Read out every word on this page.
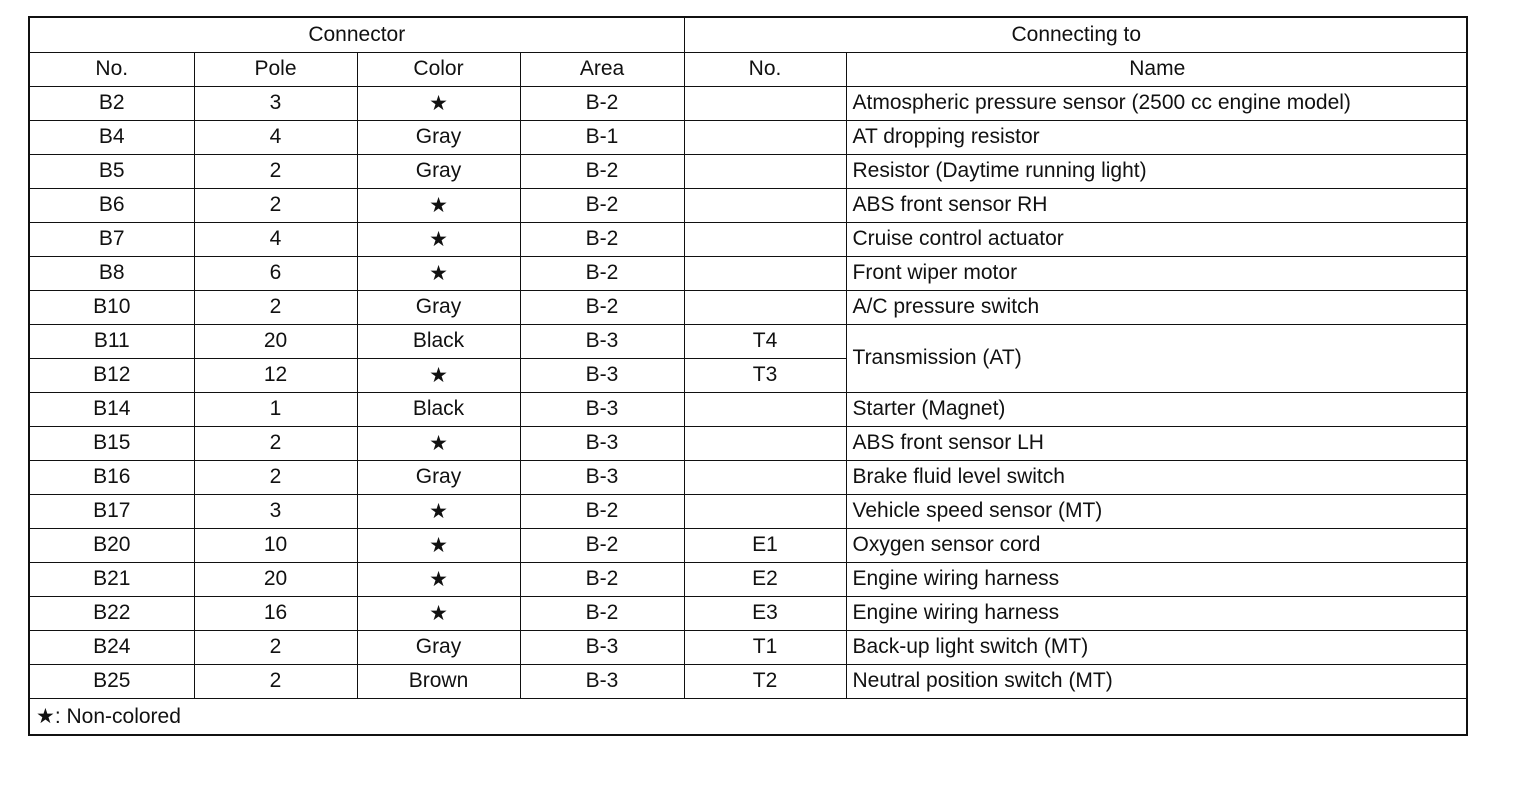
Connector				Connecting to	
No.	Pole	Color	Area	No.	Name
B2	3	★	B-2		Atmospheric pressure sensor (2500 cc engine model)
B4	4	Gray	B-1		AT dropping resistor
B5	2	Gray	B-2		Resistor (Daytime running light)
B6	2	★	B-2		ABS front sensor RH
B7	4	★	B-2		Cruise control actuator
B8	6	★	B-2		Front wiper motor
B10	2	Gray	B-2		A/C pressure switch
B11	20	Black	B-3	T4	Transmission (AT)
B12	12	★	B-3	T3	
B14	1	Black	B-3		Starter (Magnet)
B15	2	★	B-3		ABS front sensor LH
B16	2	Gray	B-3		Brake fluid level switch
B17	3	★	B-2		Vehicle speed sensor (MT)
B20	10	★	B-2	E1	Oxygen sensor cord
B21	20	★	B-2	E2	Engine wiring harness
B22	16	★	B-2	E3	Engine wiring harness
B24	2	Gray	B-3	T1	Back-up light switch (MT)
B25	2	Brown	B-3	T2	Neutral position switch (MT)
★: Non-colored					
